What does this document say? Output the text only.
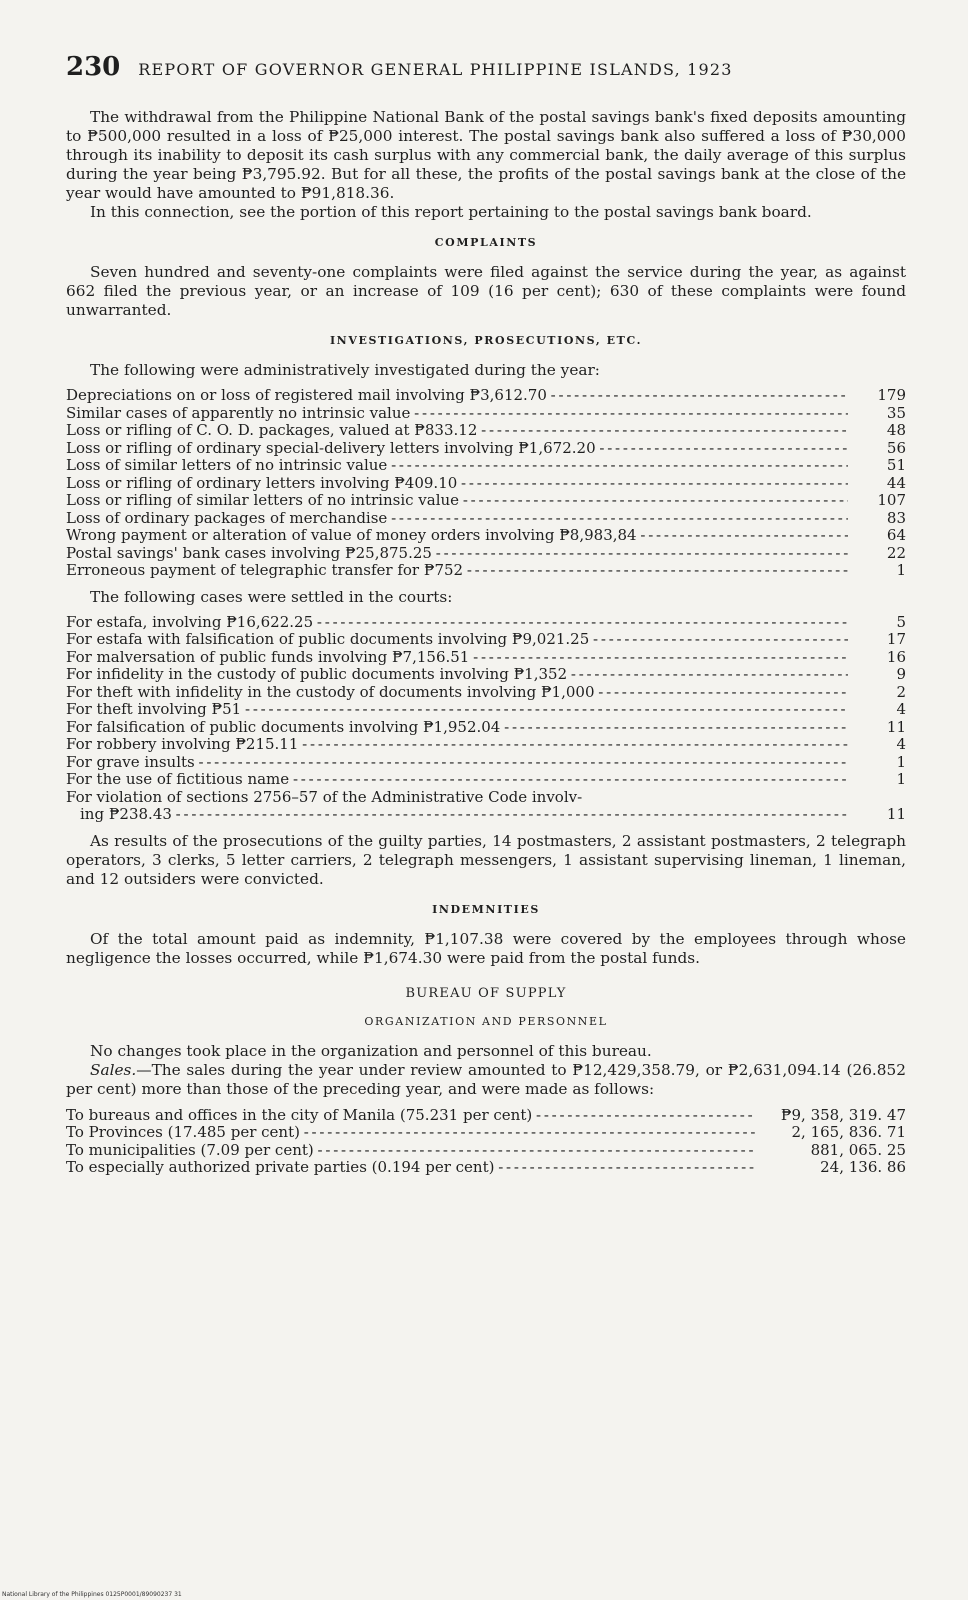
230 REPORT OF GOVERNOR GENERAL PHILIPPINE ISLANDS, 1923

The withdrawal from the Philippine National Bank of the postal savings bank's fixed deposits amounting to ₱500,000 resulted in a loss of ₱25,000 interest. The postal savings bank also suffered a loss of ₱30,000 through its inability to deposit its cash surplus with any commercial bank, the daily average of this surplus during the year being ₱3,795.92. But for all these, the profits of the postal savings bank at the close of the year would have amounted to ₱91,818.36.

In this connection, see the portion of this report pertaining to the postal savings bank board.

COMPLAINTS

Seven hundred and seventy-one complaints were filed against the service during the year, as against 662 filed the previous year, or an increase of 109 (16 per cent); 630 of these complaints were found unwarranted.

INVESTIGATIONS, PROSECUTIONS, ETC.
The following were administratively investigated during the year:
Depreciations on or loss of registered mail involving ₱3,612.70 - - -	179
Similar cases of apparently no intrinsic value - - -	35
Loss or rifling of C. O. D. packages, valued at ₱833.12 - - -	48
Loss or rifling of ordinary special-delivery letters involving ₱1,672.20 - - -	56
Loss of similar letters of no intrinsic value - - -	51
Loss or rifling of ordinary letters involving ₱409.10 - - -	44
Loss or rifling of similar letters of no intrinsic value - - -	107
Loss of ordinary packages of merchandise - - -	83
Wrong payment or alteration of value of money orders involving ₱8,983,84 - - -	64
Postal savings' bank cases involving ₱25,875.25 - - -	22
Erroneous payment of telegraphic transfer for ₱752 - - -	1
The following cases were settled in the courts:
For estafa, involving ₱16,622.25 - - -	5
For estafa with falsification of public documents involving ₱9,021.25 - - -	17
For malversation of public funds involving ₱7,156.51 - - -	16
For infidelity in the custody of public documents involving ₱1,352 - - -	9
For theft with infidelity in the custody of documents involving ₱1,000 - - -	2
For theft involving ₱51 - - -	4
For falsification of public documents involving ₱1,952.04 - - -	11
For robbery involving ₱215.11 - - -	4
For grave insults - - -	1
For the use of fictitious name - - -	1
For violation of sections 2756–57 of the Administrative Code involv-
ing ₱238.43 - - -	11

As results of the prosecutions of the guilty parties, 14 postmasters, 2 assistant postmasters, 2 telegraph operators, 3 clerks, 5 letter carriers, 2 telegraph messengers, 1 assistant supervising lineman, 1 lineman, and 12 outsiders were convicted.

INDEMNITIES

Of the total amount paid as indemnity, ₱1,107.38 were covered by the employees through whose negligence the losses occurred, while ₱1,674.30 were paid from the postal funds.

BUREAU OF SUPPLY
ORGANIZATION AND PERSONNEL

No changes took place in the organization and personnel of this bureau.

Sales.—The sales during the year under review amounted to ₱12,429,358.79, or ₱2,631,094.14 (26.852 per cent) more than those of the preceding year, and were made as follows:

To bureaus and offices in the city of Manila (75.231 per cent) - - -	₱9, 358, 319. 47
To Provinces (17.485 per cent) - - -	2, 165, 836. 71
To municipalities (7.09 per cent) - - -	881, 065. 25
To especially authorized private parties (0.194 per cent) - - -	24, 136. 86
National Library of the Philippines 0125P0001/89090237 31
